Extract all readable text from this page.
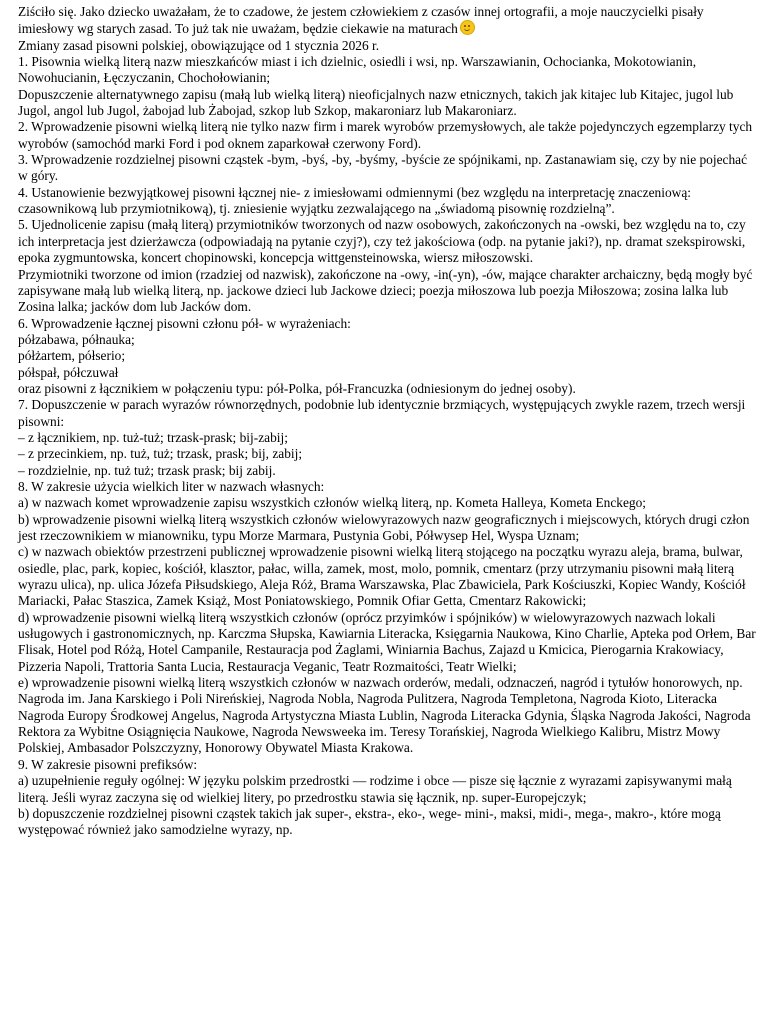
Ziściło się. Jako dziecko uważałam, że to czadowe, że jestem człowiekiem z czasów innej ortografii, a moje nauczycielki pisały imiesłowy wg starych zasad. To już tak nie uważam, będzie ciekawie na maturach

Zmiany zasad pisowni polskiej, obowiązujące od 1 stycznia 2026 r.

1. Pisownia wielką literą nazw mieszkańców miast i ich dzielnic, osiedli i wsi, np. Warszawianin, Ochocianka, Mokotowianin, Nowohucianin, Łęczyczanin, Chochołowianin;

Dopuszczenie alternatywnego zapisu (małą lub wielką literą) nieoficjalnych nazw etnicznych, takich jak kitajec lub Kitajec, jugol lub Jugol, angol lub Jugol, żabojad lub Żabojad, szkop lub Szkop, makaroniarz lub Makaroniarz.

2. Wprowadzenie pisowni wielką literą nie tylko nazw firm i marek wyrobów przemysłowych, ale także pojedynczych egzemplarzy tych wyrobów (samochód marki Ford i pod oknem zaparkował czerwony Ford).

3. Wprowadzenie rozdzielnej pisowni cząstek -bym, -byś, -by, -byśmy, -byście ze spójnikami, np. Zastanawiam się, czy by nie pojechać w góry.

4. Ustanowienie bezwyjątkowej pisowni łącznej nie- z imiesłowami odmiennymi (bez względu na interpretację znaczeniową: czasownikową lub przymiotnikową), tj. zniesienie wyjątku zezwalającego na „świadomą pisownię rozdzielną”.

5. Ujednolicenie zapisu (małą literą) przymiotników tworzonych od nazw osobowych, zakończonych na -owski, bez względu na to, czy ich interpretacja jest dzierżawcza (odpowiadają na pytanie czyj?), czy też jakościowa (odp. na pytanie jaki?), np. dramat szekspirowski, epoka zygmuntowska, koncert chopinowski, koncepcja wittgensteinowska, wiersz miłoszowski.

Przymiotniki tworzone od imion (rzadziej od nazwisk), zakończone na -owy, -in(-yn), -ów, mające charakter archaiczny, będą mogły być zapisywane małą lub wielką literą, np. jackowe dzieci lub Jackowe dzieci; poezja miłoszowa lub poezja Miłoszowa; zosina lalka lub Zosina lalka; jacków dom lub Jacków dom.

6. Wprowadzenie łącznej pisowni członu pół- w wyrażeniach:

półzabawa, półnauka;

półżartem, półserio;

półspał, półczuwał

oraz pisowni z łącznikiem w połączeniu typu: pół-Polka, pół-Francuzka (odniesionym do jednej osoby).

7. Dopuszczenie w parach wyrazów równorzędnych, podobnie lub identycznie brzmiących, występujących zwykle razem, trzech wersji pisowni:

– z łącznikiem, np. tuż-tuż; trzask-prask; bij-zabij;

– z przecinkiem, np. tuż, tuż; trzask, prask; bij, zabij;

– rozdzielnie, np. tuż tuż; trzask prask; bij zabij.

8. W zakresie użycia wielkich liter w nazwach własnych:

a) w nazwach komet wprowadzenie zapisu wszystkich członów wielką literą, np. Kometa Halleya, Kometa Enckego;

b) wprowadzenie pisowni wielką literą wszystkich członów wielowyrazowych nazw geograficznych i miejscowych, których drugi człon jest rzeczownikiem w mianowniku, typu Morze Marmara, Pustynia Gobi, Półwysep Hel, Wyspa Uznam;

c) w nazwach obiektów przestrzeni publicznej wprowadzenie pisowni wielką literą stojącego na początku wyrazu aleja, brama, bulwar, osiedle, plac, park, kopiec, kościół, klasztor, pałac, willa, zamek, most, molo, pomnik, cmentarz (przy utrzymaniu pisowni małą literą wyrazu ulica), np. ulica Józefa Piłsudskiego, Aleja Róż, Brama Warszawska, Plac Zbawiciela, Park Kościuszki, Kopiec Wandy, Kościół Mariacki, Pałac Staszica, Zamek Książ, Most Poniatowskiego, Pomnik Ofiar Getta, Cmentarz Rakowicki;

d) wprowadzenie pisowni wielką literą wszystkich członów (oprócz przyimków i spójników) w wielowyrazowych nazwach lokali usługowych i gastronomicznych, np. Karczma Słupska, Kawiarnia Literacka, Księgarnia Naukowa, Kino Charlie, Apteka pod Orłem, Bar Flisak, Hotel pod Różą, Hotel Campanile, Restauracja pod Żaglami, Winiarnia Bachus, Zajazd u Kmicica, Pierogarnia Krakowiacy, Pizzeria Napoli, Trattoria Santa Lucia, Restauracja Veganic, Teatr Rozmaitości, Teatr Wielki;

e) wprowadzenie pisowni wielką literą wszystkich członów w nazwach orderów, medali, odznaczeń, nagród i tytułów honorowych, np. Nagroda im. Jana Karskiego i Poli Nireńskiej, Nagroda Nobla, Nagroda Pulitzera, Nagroda Templetona, Nagroda Kioto, Literacka Nagroda Europy Środkowej Angelus, Nagroda Artystyczna Miasta Lublin, Nagroda Literacka Gdynia, Śląska Nagroda Jakości, Nagroda Rektora za Wybitne Osiągnięcia Naukowe, Nagroda Newsweeka im. Teresy Torańskiej, Nagroda Wielkiego Kalibru, Mistrz Mowy Polskiej, Ambasador Polszczyzny, Honorowy Obywatel Miasta Krakowa.

9. W zakresie pisowni prefiksów:

a) uzupełnienie reguły ogólnej: W języku polskim przedrostki — rodzime i obce — pisze się łącznie z wyrazami zapisywanymi małą literą. Jeśli wyraz zaczyna się od wielkiej litery, po przedrostku stawia się łącznik, np. super-Europejczyk;

b) dopuszczenie rozdzielnej pisowni cząstek takich jak super-, ekstra-, eko-, wege- mini-, maksi, midi-, mega-, makro-, które mogą występować również jako samodzielne wyrazy, np.
